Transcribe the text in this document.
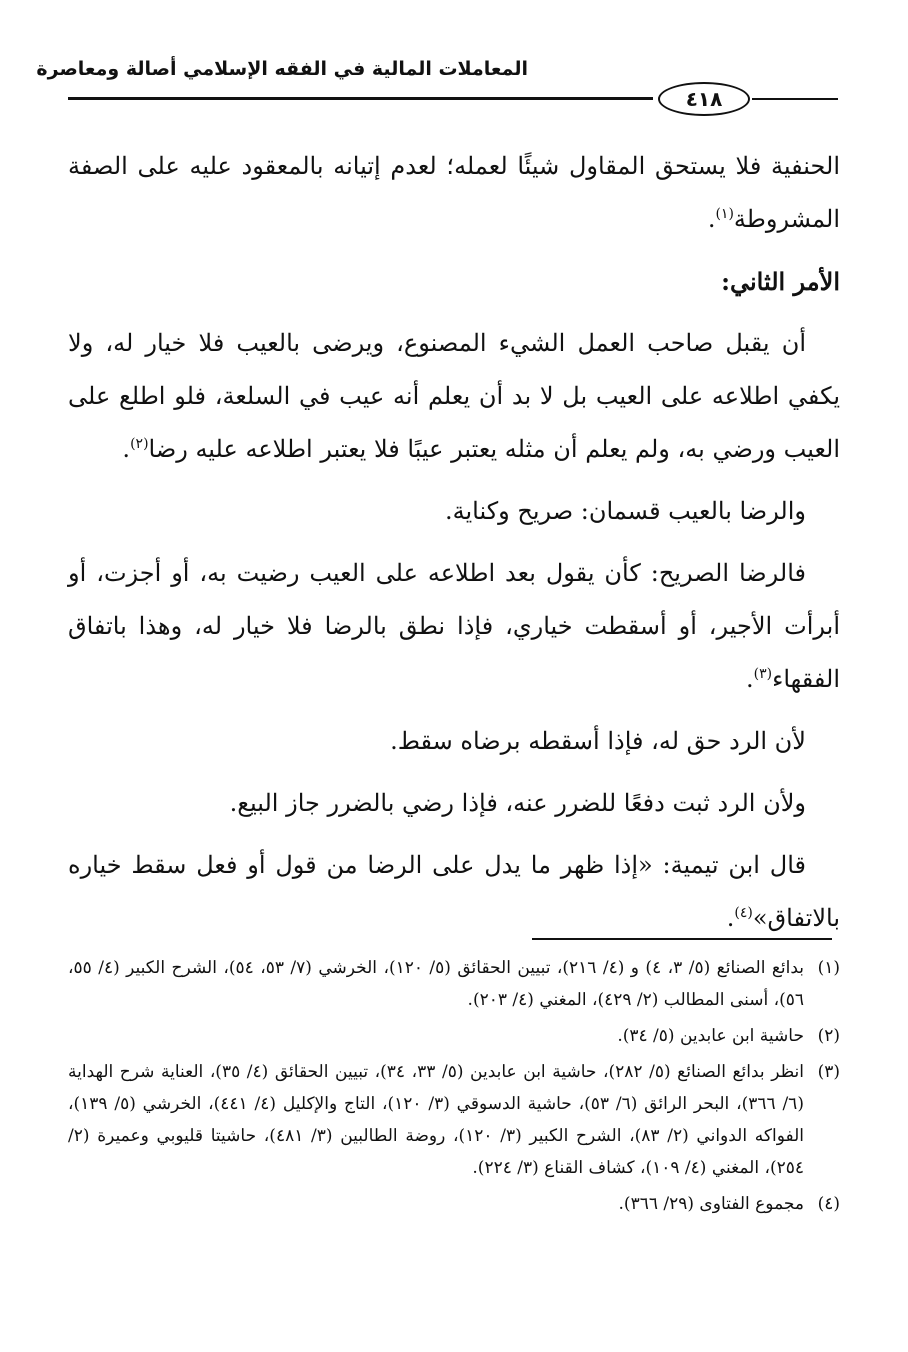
المعاملات المالية في الفقه الإسلامي أصالة ومعاصرة
٤١٨

الحنفية فلا يستحق المقاول شيئًا لعمله؛ لعدم إتيانه بالمعقود عليه على الصفة المشروطة$^{(١)}$.

الأمر الثاني:

أن يقبل صاحب العمل الشيء المصنوع، ويرضى بالعيب فلا خيار له، ولا يكفي اطلاعه على العيب بل لا بد أن يعلم أنه عيب في السلعة، فلو اطلع على العيب ورضي به، ولم يعلم أن مثله يعتبر عيبًا فلا يعتبر اطلاعه عليه رضا$^{(٢)}$.

والرضا بالعيب قسمان: صريح وكناية.

فالرضا الصريح: كأن يقول بعد اطلاعه على العيب رضيت به، أو أجزت، أو أبرأت الأجير، أو أسقطت خياري، فإذا نطق بالرضا فلا خيار له، وهذا باتفاق الفقهاء$^{(٣)}$.

لأن الرد حق له، فإذا أسقطه برضاه سقط.

ولأن الرد ثبت دفعًا للضرر عنه، فإذا رضي بالضرر جاز البيع.

قال ابن تيمية: «إذا ظهر ما يدل على الرضا من قول أو فعل سقط خياره بالاتفاق»$^{(٤)}$.

(١)
بدائع الصنائع (٥/ ٣، ٤) و (٤/ ٢١٦)، تبيين الحقائق (٥/ ١٢٠)، الخرشي (٧/ ٥٣، ٥٤)، الشرح الكبير (٤/ ٥٥، ٥٦)، أسنى المطالب (٢/ ٤٢٩)، المغني (٤/ ٢٠٣).
(٢)
حاشية ابن عابدين (٥/ ٣٤).
(٣)
انظر بدائع الصنائع (٥/ ٢٨٢)، حاشية ابن عابدين (٥/ ٣٣، ٣٤)، تبيين الحقائق (٤/ ٣٥)، العناية شرح الهداية (٦/ ٣٦٦)، البحر الرائق (٦/ ٥٣)، حاشية الدسوقي (٣/ ١٢٠)، التاج والإكليل (٤/ ٤٤١)، الخرشي (٥/ ١٣٩)، الفواكه الدواني (٢/ ٨٣)، الشرح الكبير (٣/ ١٢٠)، روضة الطالبين (٣/ ٤٨١)، حاشيتا قليوبي وعميرة (٢/ ٢٥٤)، المغني (٤/ ١٠٩)، كشاف القناع (٣/ ٢٢٤).
(٤)
مجموع الفتاوى (٢٩/ ٣٦٦).
